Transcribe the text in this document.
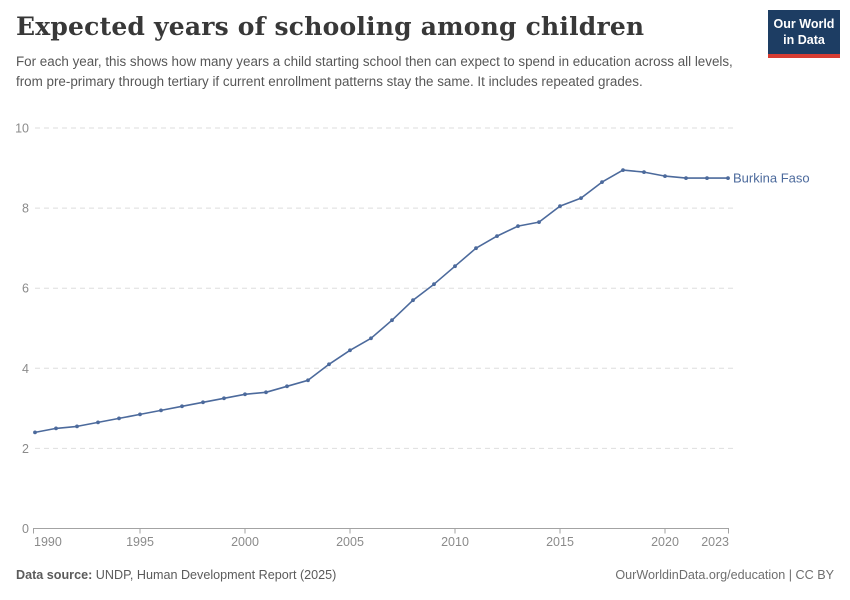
Expected years of schooling among children	Our World
in Data

For each year, this shows how many years a child starting school then can expect to spend in education across all levels, from pre-primary through tertiary if current enrollment patterns stay the same. It includes repeated grades.

0
2
4
6
8
10
1990	1995	2000	2005	2010	2015	2020 2023
Burkina Faso
Data source: UNDP, Human Development Report (2025)	OurWorldinData.org/education | CC BY
